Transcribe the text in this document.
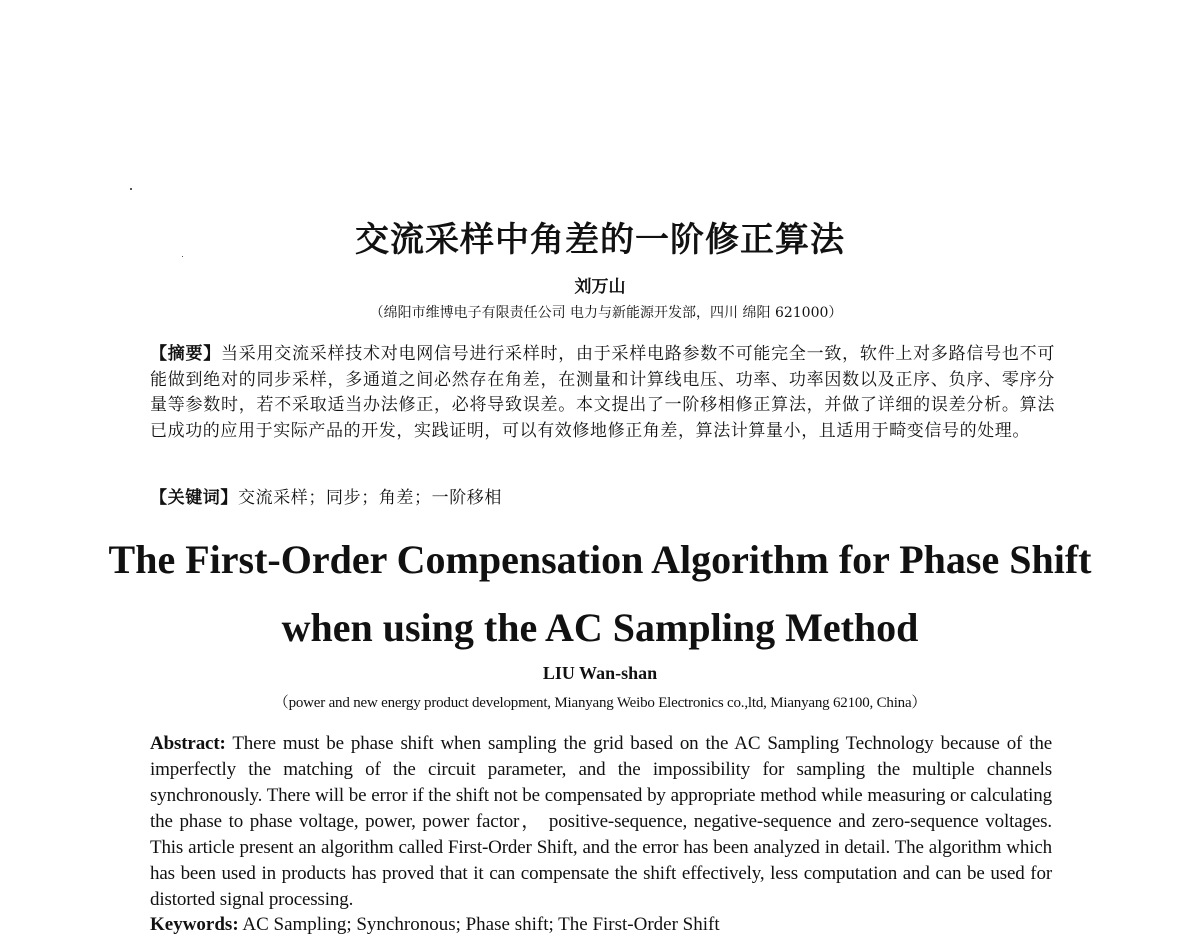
交流采样中角差的一阶修正算法
刘万山
（绵阳市维博电子有限责任公司 电力与新能源开发部，四川 绵阳 621000）
【摘要】当采用交流采样技术对电网信号进行采样时，由于采样电路参数不可能完全一致，软件上对多路信号也不可能做到绝对的同步采样，多通道之间必然存在角差，在测量和计算线电压、功率、功率因数以及正序、负序、零序分量等参数时，若不采取适当办法修正，必将导致误差。本文提出了一阶移相修正算法，并做了详细的误差分析。算法已成功的应用于实际产品的开发，实践证明，可以有效修地修正角差，算法计算量小，且适用于畸变信号的处理。
【关键词】交流采样；同步；角差；一阶移相
The First-Order Compensation Algorithm for Phase Shift
when using the AC Sampling Method
LIU Wan-shan
（power and new energy product development, Mianyang Weibo Electronics co.,ltd, Mianyang 62100, China）
Abstract: There must be phase shift when sampling the grid based on the AC Sampling Technology because of the imperfectly the matching of the circuit parameter, and the impossibility for sampling the multiple channels synchronously. There will be error if the shift not be compensated by appropriate method while measuring or calculating the phase to phase voltage, power, power factor， positive-sequence, negative-sequence and zero-sequence voltages. This article present an algorithm called First-Order Shift, and the error has been analyzed in detail. The algorithm which has been used in products has proved that it can compensate the shift effectively, less computation and can be used for distorted signal processing.
Keywords: AC Sampling; Synchronous; Phase shift; The First-Order Shift
